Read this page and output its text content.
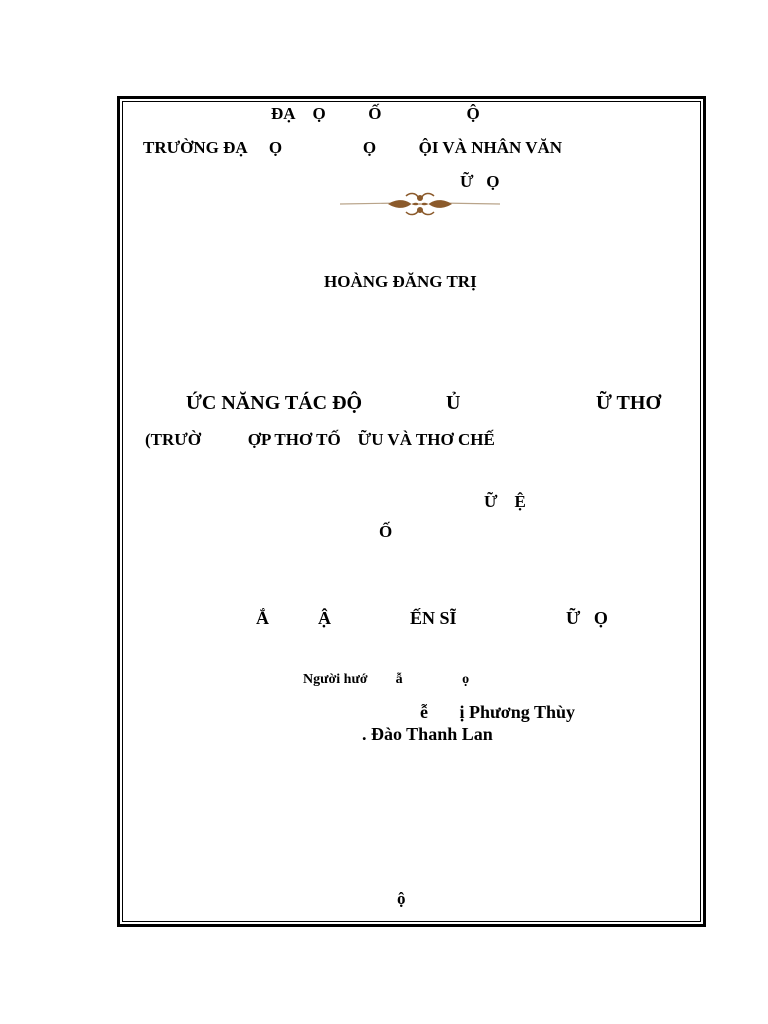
ĐẠ    Ọ          Ố                    Ộ
TRƯỜNG ĐẠ     Ọ                   Ọ          ỘI VÀ NHÂN VĂN
Ữ   Ọ
HOÀNG ĐĂNG TRỊ
ỨC NĂNG TÁC ĐỘ	Ủ	Ữ THƠ
(TRƯỜ           ỢP THƠ TỐ    ỮU VÀ THƠ CHẾ
Ữ    Ệ
Ố
Ắ	Ậ	ẾN SĨ	Ữ   Ọ
Người hướ        ẫ                 ọ
ễ       ị Phương Thùy
. Đào Thanh Lan
ộ
